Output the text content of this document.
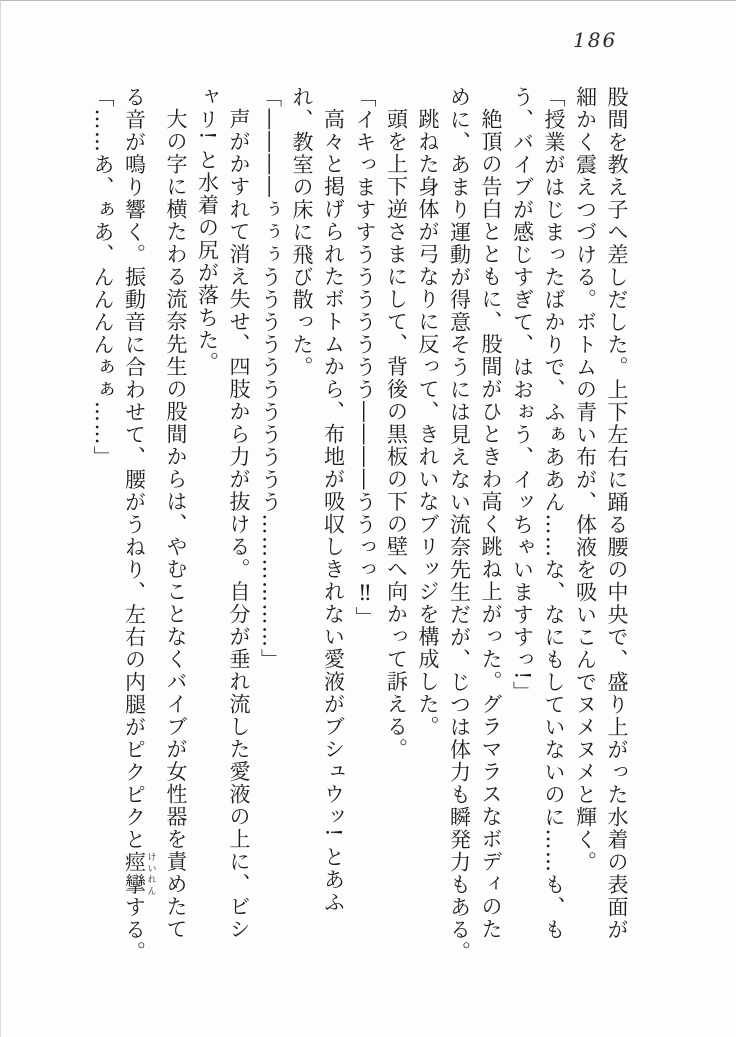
186
股間を教え子へ差しだした。上下左右に踊る腰の中央で、盛り上がった水着の表面が
細かく震えつづける。ボトムの青い布が、体液を吸いこんでヌメヌメと輝く。
「授業がはじまったばかりで、ふぁああん……な、なにもしていないのに……も、も
う、バイブが感じすぎて、はおぉう、イッちゃいますすっ!」
絶頂の告白とともに、股間がひときわ高く跳ね上がった。グラマラスなボディのた
めに、あまり運動が得意そうには見えない流奈先生だが、じつは体力も瞬発力もある。
跳ねた身体が弓なりに反って、きれいなブリッジを構成した。
頭を上下逆さまにして、背後の黒板の下の壁へ向かって訴える。
「イキっますすううううううう――――ううっっ‼」
高々と掲げられたボトムから、布地が吸収しきれない愛液がブシュウッ! とあふ
れ、教室の床に飛び散った。
「――――ぅぅぅううううううううううう………………」
声がかすれて消え失せ、四肢から力が抜ける。自分が垂れ流した愛液の上に、ビシ
ャリ! と水着の尻が落ちた。
大の字に横たわる流奈先生の股間からは、やむことなくバイブが女性器を責めたて
る音が鳴り響く。振動音に合わせて、腰がうねり、左右の内腿がピクピクと痙攣 けいれんする。
「……あ、ぁあ、んんんんぁぁ……」
